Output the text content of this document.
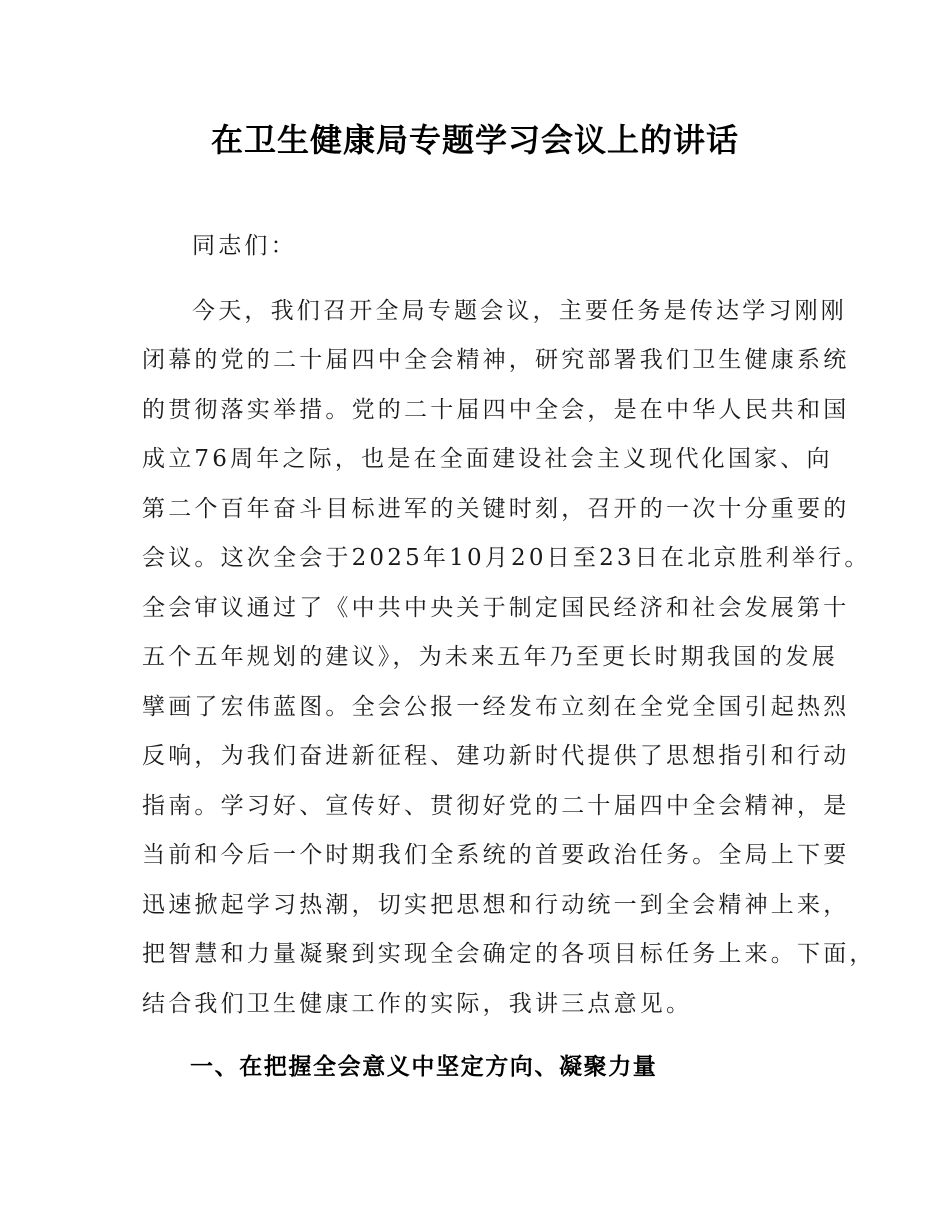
在卫生健康局专题学习会议上的讲话
同志们：
今天，我们召开全局专题会议，主要任务是传达学习刚刚
闭幕的党的二十届四中全会精神，研究部署我们卫生健康系统
的贯彻落实举措。党的二十届四中全会，是在中华人民共和国
成立76周年之际，也是在全面建设社会主义现代化国家、向
第二个百年奋斗目标进军的关键时刻，召开的一次十分重要的
会议。这次全会于2025年10月20日至23日在北京胜利举行。
全会审议通过了《中共中央关于制定国民经济和社会发展第十
五个五年规划的建议》，为未来五年乃至更长时期我国的发展
擘画了宏伟蓝图。全会公报一经发布立刻在全党全国引起热烈
反响，为我们奋进新征程、建功新时代提供了思想指引和行动
指南。学习好、宣传好、贯彻好党的二十届四中全会精神，是
当前和今后一个时期我们全系统的首要政治任务。全局上下要
迅速掀起学习热潮，切实把思想和行动统一到全会精神上来，
把智慧和力量凝聚到实现全会确定的各项目标任务上来。下面，
结合我们卫生健康工作的实际，我讲三点意见。
一、在把握全会意义中坚定方向、凝聚力量
